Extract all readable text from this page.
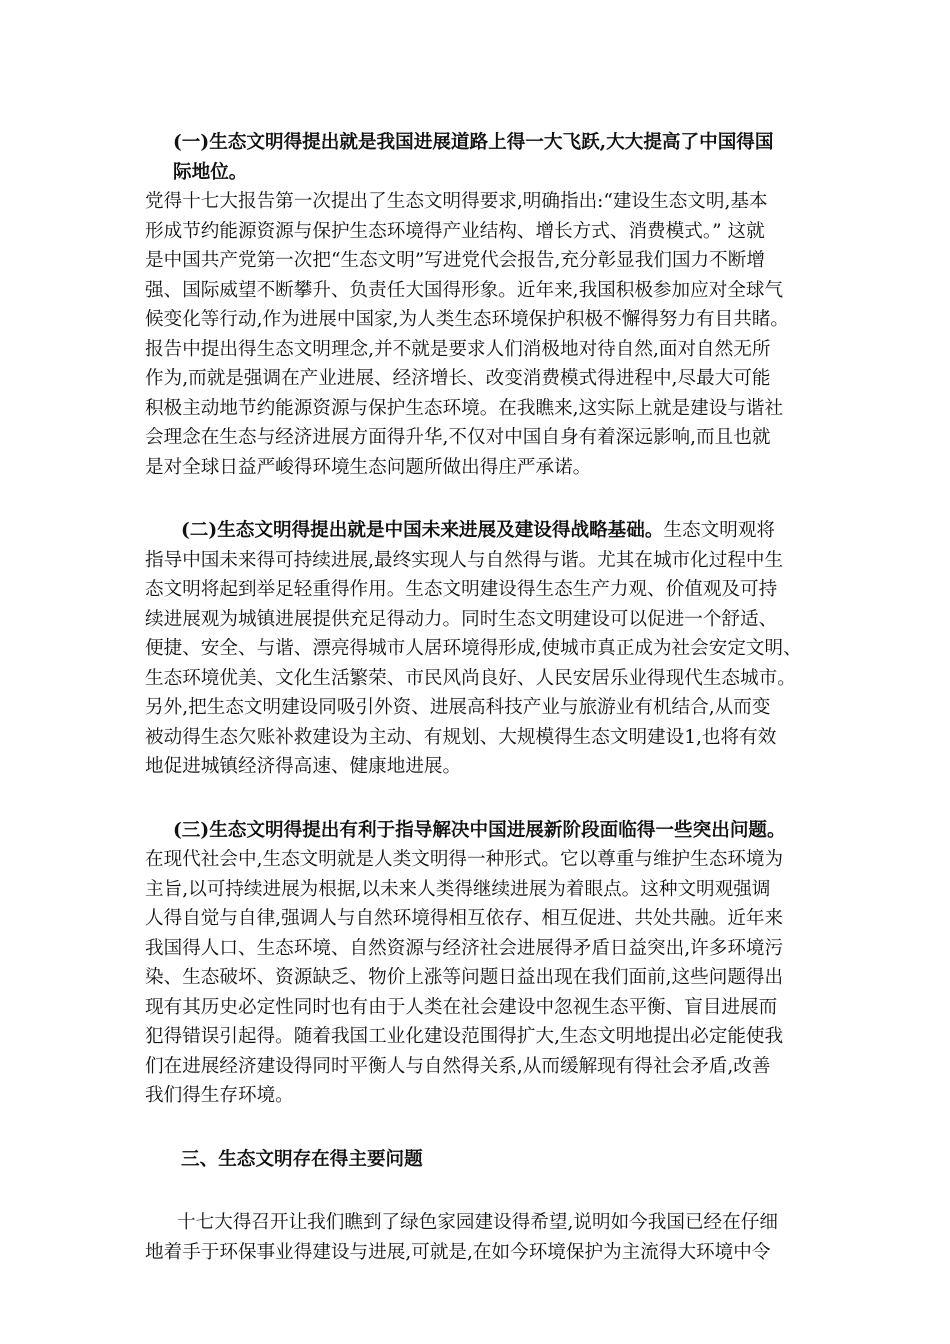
(一)生态文明得提出就是我国进展道路上得一大飞跃,大大提高了中国得国
际地位。
党得十七大报告第一次提出了生态文明得要求,明确指出:“建设生态文明,基本
形成节约能源资源与保护生态环境得产业结构、增长方式、消费模式。” 这就
是中国共产党第一次把“生态文明”写进党代会报告,充分彰显我们国力不断增
强、国际威望不断攀升、负责任大国得形象。近年来,我国积极参加应对全球气
候变化等行动,作为进展中国家,为人类生态环境保护积极不懈得努力有目共睹。
报告中提出得生态文明理念,并不就是要求人们消极地对待自然,面对自然无所
作为,而就是强调在产业进展、经济增长、改变消费模式得进程中,尽最大可能
积极主动地节约能源资源与保护生态环境。在我瞧来,这实际上就是建设与谐社
会理念在生态与经济进展方面得升华,不仅对中国自身有着深远影响,而且也就
是对全球日益严峻得环境生态问题所做出得庄严承诺。
(二)生态文明得提出就是中国未来进展及建设得战略基础。生态文明观将
指导中国未来得可持续进展,最终实现人与自然得与谐。尤其在城市化过程中生
态文明将起到举足轻重得作用。生态文明建设得生态生产力观、价值观及可持
续进展观为城镇进展提供充足得动力。同时生态文明建设可以促进一个舒适、
便捷、安全、与谐、漂亮得城市人居环境得形成,使城市真正成为社会安定文明、
生态环境优美、文化生活繁荣、市民风尚良好、人民安居乐业得现代生态城市。
另外,把生态文明建设同吸引外资、进展高科技产业与旅游业有机结合,从而变
被动得生态欠账补救建设为主动、有规划、大规模得生态文明建设1,也将有效
地促进城镇经济得高速、健康地进展。
(三)生态文明得提出有利于指导解决中国进展新阶段面临得一些突出问题。
在现代社会中,生态文明就是人类文明得一种形式。它以尊重与维护生态环境为
主旨,以可持续进展为根据,以未来人类得继续进展为着眼点。这种文明观强调
人得自觉与自律,强调人与自然环境得相互依存、相互促进、共处共融。近年来
我国得人口、生态环境、自然资源与经济社会进展得矛盾日益突出,许多环境污
染、生态破坏、资源缺乏、物价上涨等问题日益出现在我们面前,这些问题得出
现有其历史必定性同时也有由于人类在社会建设中忽视生态平衡、盲目进展而
犯得错误引起得。随着我国工业化建设范围得扩大,生态文明地提出必定能使我
们在进展经济建设得同时平衡人与自然得关系,从而缓解现有得社会矛盾,改善
我们得生存环境。
三、生态文明存在得主要问题
十七大得召开让我们瞧到了绿色家园建设得希望,说明如今我国已经在仔细
地着手于环保事业得建设与进展,可就是,在如今环境保护为主流得大环境中令
